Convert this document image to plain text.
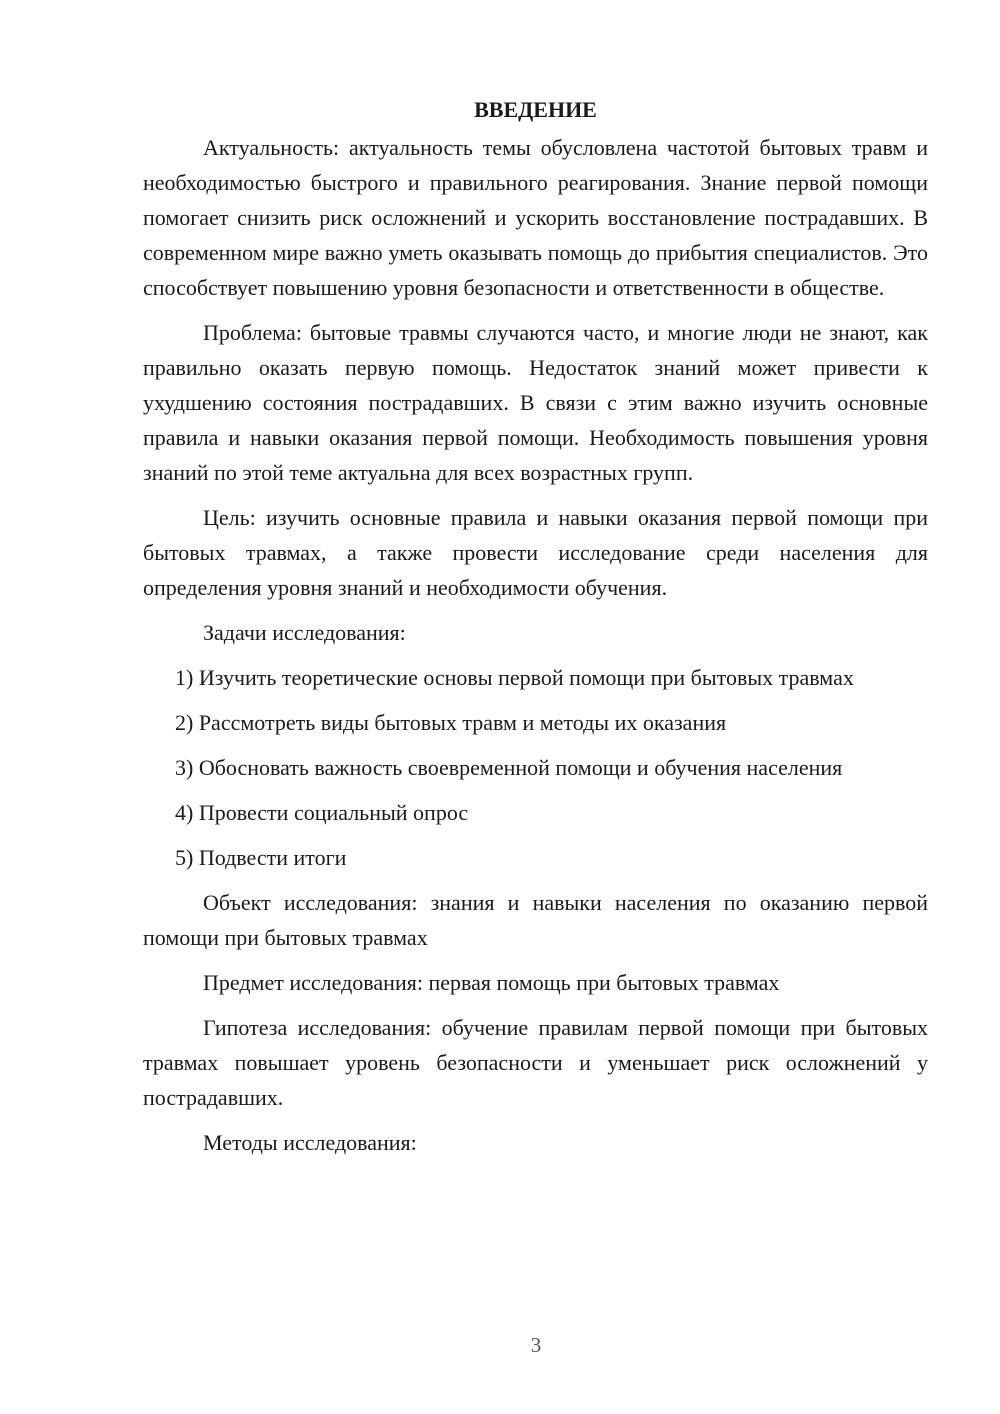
ВВЕДЕНИЕ

Актуальность: актуальность темы обусловлена частотой бытовых травм и необходимостью быстрого и правильного реагирования. Знание первой помощи помогает снизить риск осложнений и ускорить восстановление пострадавших. В современном мире важно уметь оказывать помощь до прибытия специалистов. Это способствует повышению уровня безопасности и ответственности в обществе.

Проблема: бытовые травмы случаются часто, и многие люди не знают, как правильно оказать первую помощь. Недостаток знаний может привести к ухудшению состояния пострадавших. В связи с этим важно изучить основные правила и навыки оказания первой помощи. Необходимость повышения уровня знаний по этой теме актуальна для всех возрастных групп.

Цель: изучить основные правила и навыки оказания первой помощи при бытовых травмах, а также провести исследование среди населения для определения уровня знаний и необходимости обучения.

Задачи исследования:

1) Изучить теоретические основы первой помощи при бытовых травмах

2) Рассмотреть виды бытовых травм и методы их оказания

3) Обосновать важность своевременной помощи и обучения населения

4) Провести социальный опрос

5) Подвести итоги

Объект исследования: знания и навыки населения по оказанию первой помощи при бытовых травмах

Предмет исследования: первая помощь при бытовых травмах

Гипотеза исследования: обучение правилам первой помощи при бытовых травмах повышает уровень безопасности и уменьшает риск осложнений у пострадавших.

Методы исследования:

3
